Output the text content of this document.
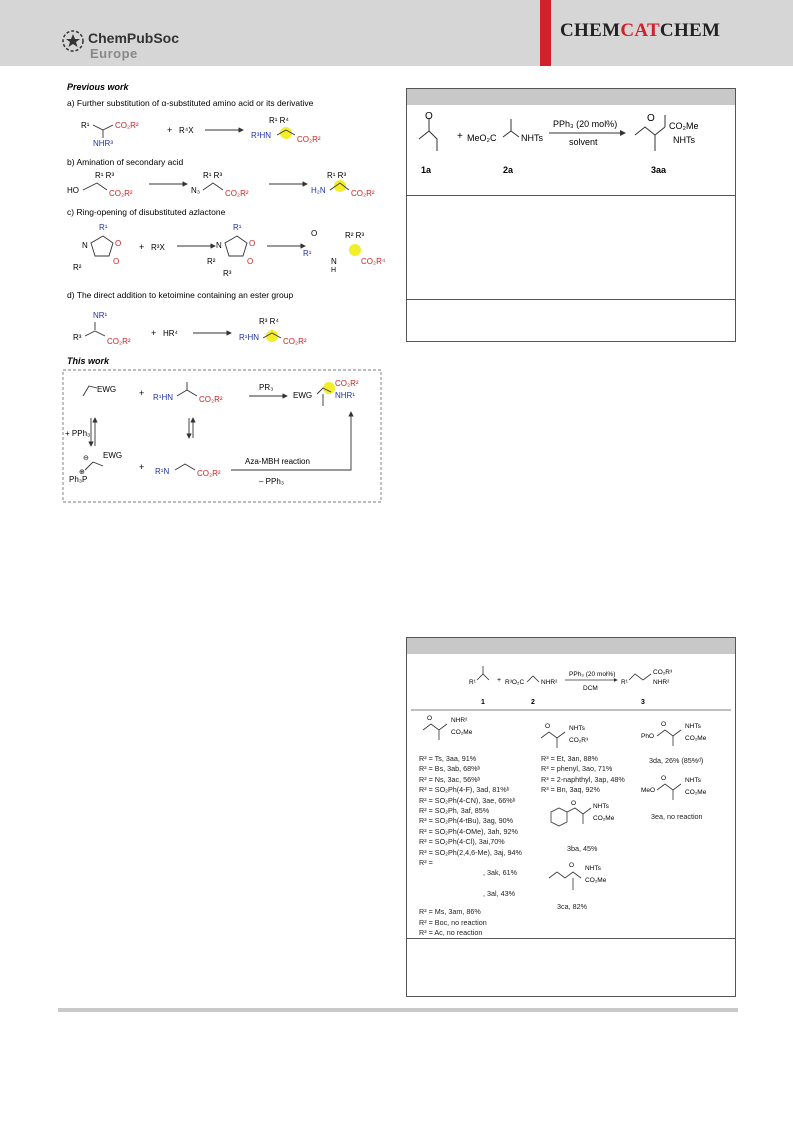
ChemPubSoc
Europe
CHEMCATCHEM
Previous work
a) Further substitution of α-substituted amino acid or its derivative
R¹	CO₂R²
NHR³
+ R⁴X
R¹ R⁴
R³HN	CO₂R²
b) Amination of secondary acid
R¹ R³
HO	CO₂R²
R¹ R³
N₃	CO₂R²
R¹ R³
H₂N	CO₂R²
c) Ring-opening of disubstituted azlactone
R¹
N	O
O
R²
+ R³X
R¹
N	O
O
R²
R³
O	R² R³
R¹
N
H
CO₂R⁴
d) The direct addition to ketoimine containing an ester group
NR¹
R³	CO₂R²
+ HR⁴
R³ R⁴
R¹HN	CO₂R²
This work
EWG	+ R¹HN	CO₂R²
PR₃
EWG
CO₂R²
NHR¹
+ PPh₃
⊖ EWG
Ph₃P
⊕
+ R¹N	CO₂R²
Aza-MBH reaction
– PPh₃
O
+ MeO₂C	NHTs
PPh₃ (20 mol%)
solvent
O
CO₂Me
NHTs
1a	2a	3aa
R¹	+ R³O₂C	NHR²
PPh₃ (20 mol%)
DCM
R¹
CO₂R³
NHR²
1	2	3
O	NHR²
CO₂Me
R² = Ts, 3aa, 91%
R² = Bs, 3ab, 68%ᵇ
R² = Ns, 3ac, 56%ᵇ
R² = SO₂Ph(4-F), 3ad, 81%ᵇ
R² = SO₂Ph(4-CN), 3ae, 66%ᵇ
R² = SO₂Ph, 3af, 85%
R² = SO₂Ph(4-tBu), 3ag, 90%
R² = SO₂Ph(4-OMe), 3ah, 92%
R² = SO₂Ph(4-Cl), 3ai,70%
R² = SO₂Ph(2,4,6-Me), 3aj, 94%
R² =
, 3ak, 61%
, 3al, 43%
R² = Ms, 3am, 86%
R² = Boc, no reaction
R² = Ac, no reaction
O	NHTs
CO₂R³
R³ = Et, 3an, 88%
R³ = phenyl, 3ao, 71%
R³ = 2-naphthyl, 3ap, 48%
R³ = Bn, 3aq, 92%
O	NHTs
CO₂Me
3ba, 45%
O NHTs
CO₂Me
3ca, 82%
PhO
O	NHTs
CO₂Me
3da, 26% (85%ᵈ)
MeO
O	NHTs
CO₂Me
3ea, no reaction
